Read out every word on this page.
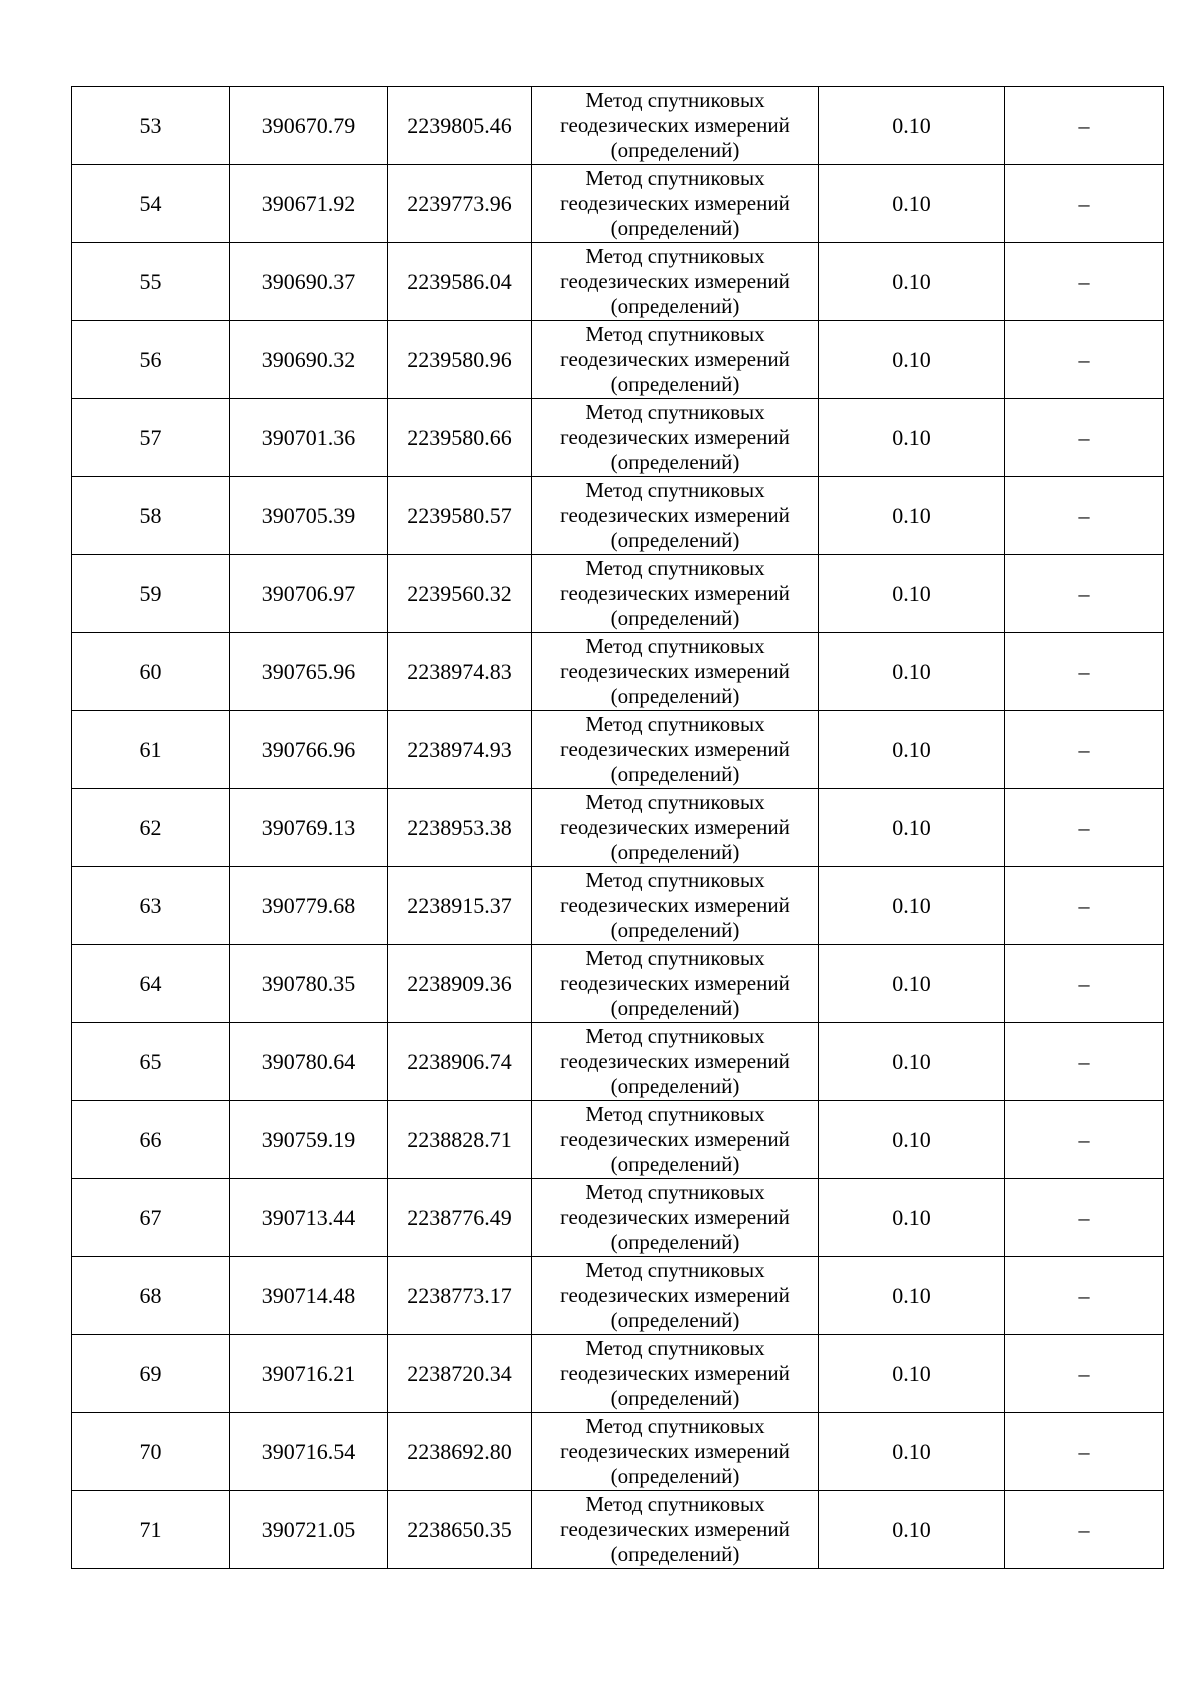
53	390670.79	2239805.46	Метод спутниковых геодезических измерений (определений)	0.10	–
54	390671.92	2239773.96	Метод спутниковых геодезических измерений (определений)	0.10	–
55	390690.37	2239586.04	Метод спутниковых геодезических измерений (определений)	0.10	–
56	390690.32	2239580.96	Метод спутниковых геодезических измерений (определений)	0.10	–
57	390701.36	2239580.66	Метод спутниковых геодезических измерений (определений)	0.10	–
58	390705.39	2239580.57	Метод спутниковых геодезических измерений (определений)	0.10	–
59	390706.97	2239560.32	Метод спутниковых геодезических измерений (определений)	0.10	–
60	390765.96	2238974.83	Метод спутниковых геодезических измерений (определений)	0.10	–
61	390766.96	2238974.93	Метод спутниковых геодезических измерений (определений)	0.10	–
62	390769.13	2238953.38	Метод спутниковых геодезических измерений (определений)	0.10	–
63	390779.68	2238915.37	Метод спутниковых геодезических измерений (определений)	0.10	–
64	390780.35	2238909.36	Метод спутниковых геодезических измерений (определений)	0.10	–
65	390780.64	2238906.74	Метод спутниковых геодезических измерений (определений)	0.10	–
66	390759.19	2238828.71	Метод спутниковых геодезических измерений (определений)	0.10	–
67	390713.44	2238776.49	Метод спутниковых геодезических измерений (определений)	0.10	–
68	390714.48	2238773.17	Метод спутниковых геодезических измерений (определений)	0.10	–
69	390716.21	2238720.34	Метод спутниковых геодезических измерений (определений)	0.10	–
70	390716.54	2238692.80	Метод спутниковых геодезических измерений (определений)	0.10	–
71	390721.05	2238650.35	Метод спутниковых геодезических измерений (определений)	0.10	–
